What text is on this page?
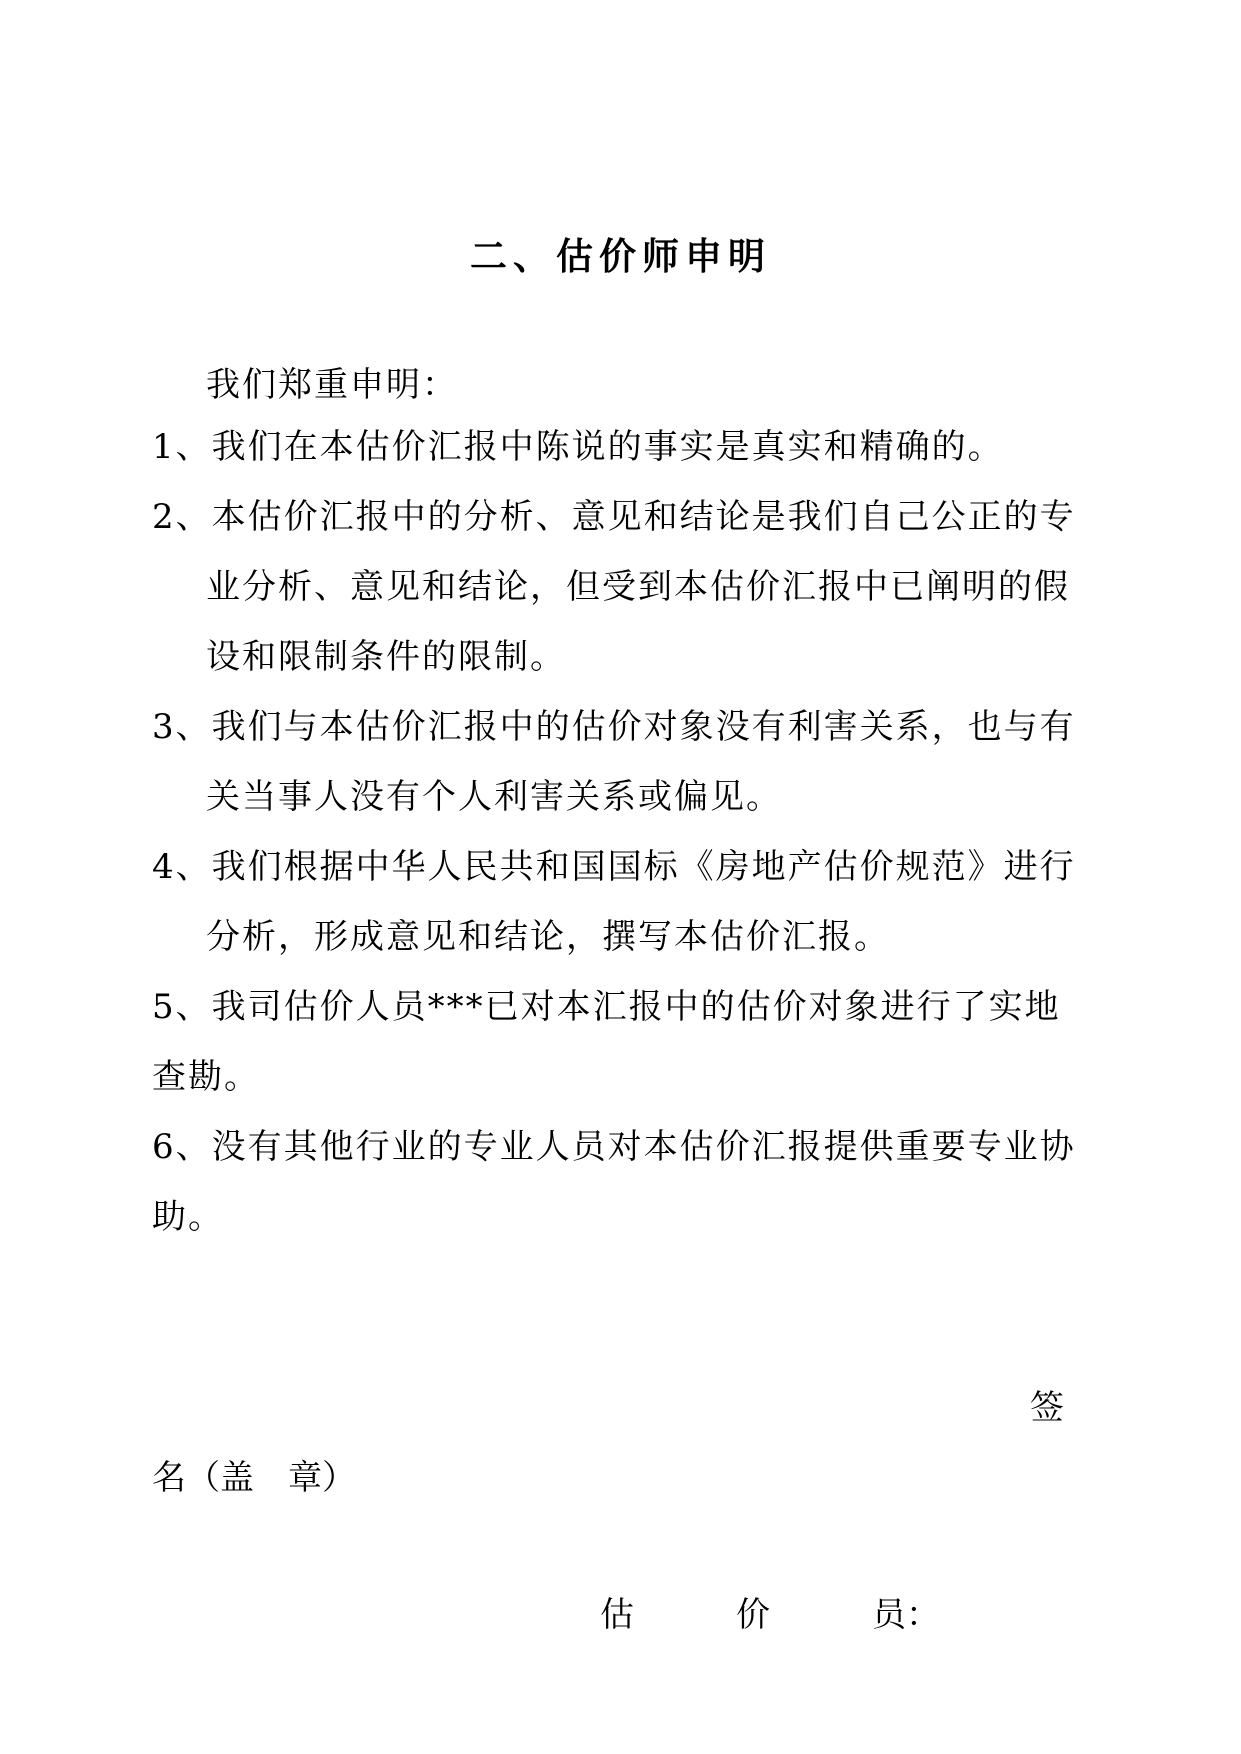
二、估价师申明
我们郑重申明：
1、我们在本估价汇报中陈说的事实是真实和精确的。
2、本估价汇报中的分析、意见和结论是我们自己公正的专业分析、意见和结论，但受到本估价汇报中已阐明的假设和限制条件的限制。
3、我们与本估价汇报中的估价对象没有利害关系，也与有关当事人没有个人利害关系或偏见。
4、我们根据中华人民共和国国标《房地产估价规范》进行分析，形成意见和结论，撰写本估价汇报。
5、我司估价人员***已对本汇报中的估价对象进行了实地查勘。
6、没有其他行业的专业人员对本估价汇报提供重要专业协助。
签
名（盖　章）
估　　　价　　　员：
